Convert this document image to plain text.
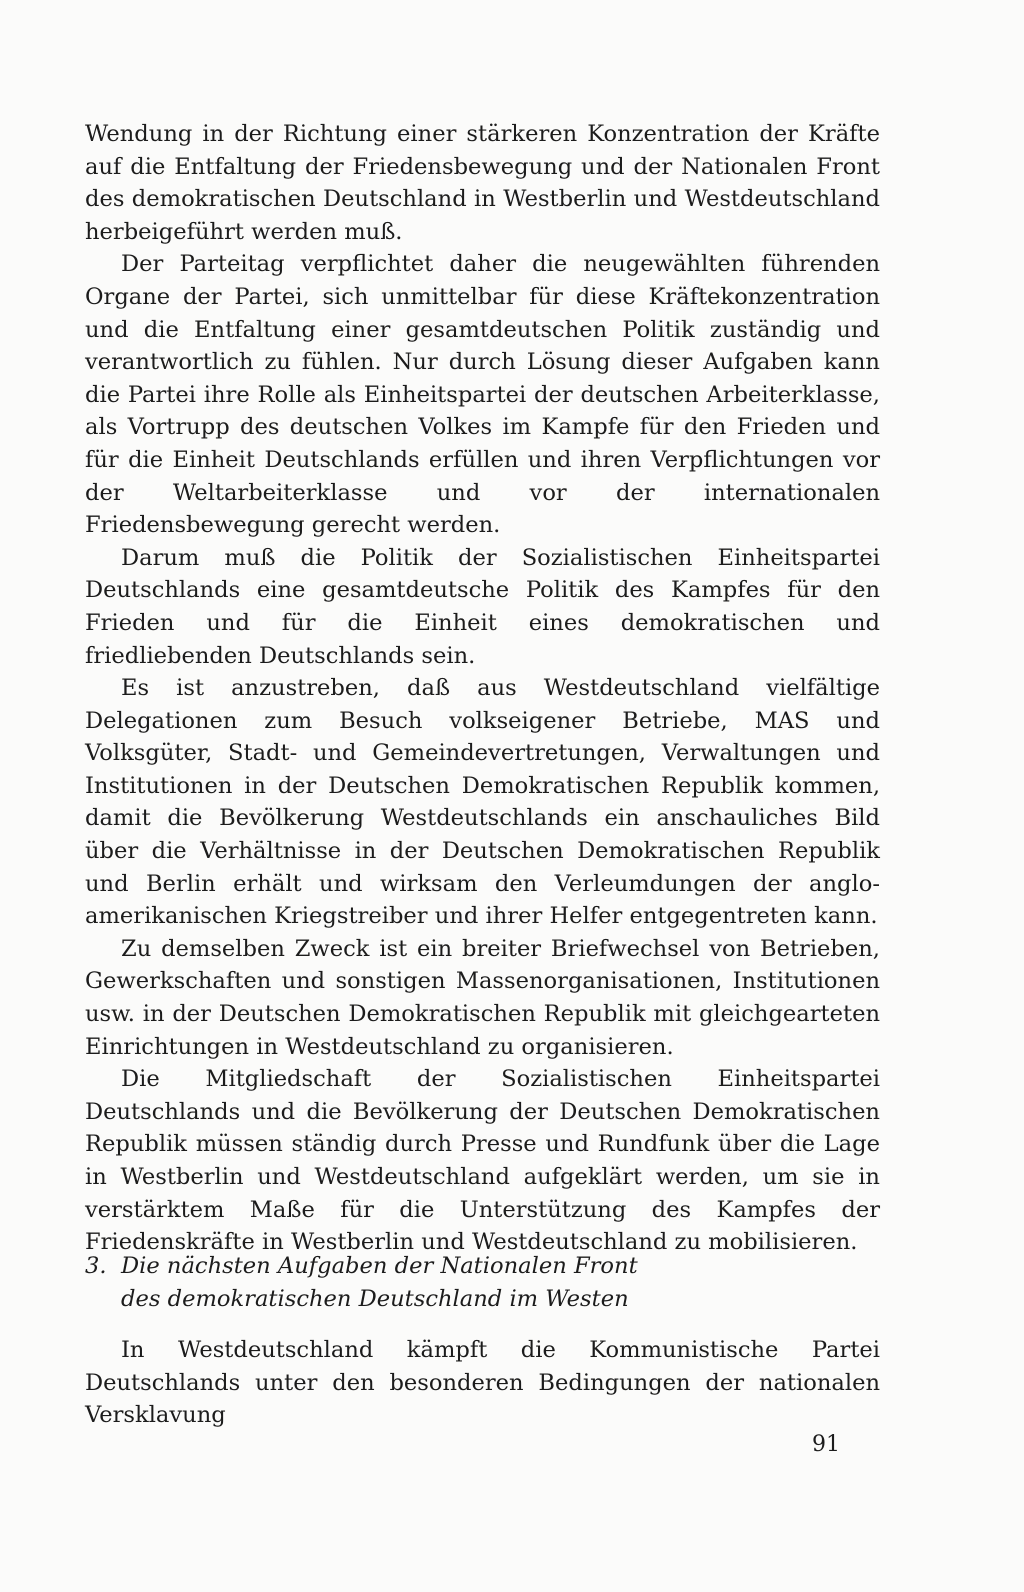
Wendung in der Richtung einer stärkeren Konzentration der Kräfte auf die Entfaltung der Friedensbewegung und der Nationalen Front des demokratischen Deutschland in Westberlin und Westdeutschland herbeigeführt werden muß.

Der Parteitag verpflichtet daher die neugewählten führenden Organe der Partei, sich unmittelbar für diese Kräftekonzentration und die Entfaltung einer gesamtdeutschen Politik zuständig und verantwortlich zu fühlen. Nur durch Lösung dieser Aufgaben kann die Partei ihre Rolle als Einheitspartei der deutschen Arbeiterklasse, als Vortrupp des deutschen Volkes im Kampfe für den Frieden und für die Einheit Deutschlands erfüllen und ihren Verpflichtungen vor der Weltarbeiterklasse und vor der internationalen Friedensbewegung gerecht werden.

Darum muß die Politik der Sozialistischen Einheitspartei Deutschlands eine gesamtdeutsche Politik des Kampfes für den Frieden und für die Einheit eines demokratischen und friedliebenden Deutschlands sein.

Es ist anzustreben, daß aus Westdeutschland vielfältige Delegationen zum Besuch volkseigener Betriebe, MAS und Volksgüter, Stadt- und Gemeindevertretungen, Verwaltungen und Institutionen in der Deutschen Demokratischen Republik kommen, damit die Bevölkerung Westdeutschlands ein anschauliches Bild über die Verhältnisse in der Deutschen Demokratischen Republik und Berlin erhält und wirksam den Verleumdungen der anglo-amerikanischen Kriegstreiber und ihrer Helfer entgegentreten kann.

Zu demselben Zweck ist ein breiter Briefwechsel von Betrieben, Gewerkschaften und sonstigen Massenorganisationen, Institutionen usw. in der Deutschen Demokratischen Republik mit gleichgearteten Einrichtungen in Westdeutschland zu organisieren.

Die Mitgliedschaft der Sozialistischen Einheitspartei Deutschlands und die Bevölkerung der Deutschen Demokratischen Republik müssen ständig durch Presse und Rundfunk über die Lage in Westberlin und Westdeutschland aufgeklärt werden, um sie in verstärktem Maße für die Unterstützung des Kampfes der Friedenskräfte in Westberlin und Westdeutschland zu mobilisieren.

3. Die nächsten Aufgaben der Nationalen Front
des demokratischen Deutschland im Westen

In Westdeutschland kämpft die Kommunistische Partei Deutschlands unter den besonderen Bedingungen der nationalen Versklavung

91
